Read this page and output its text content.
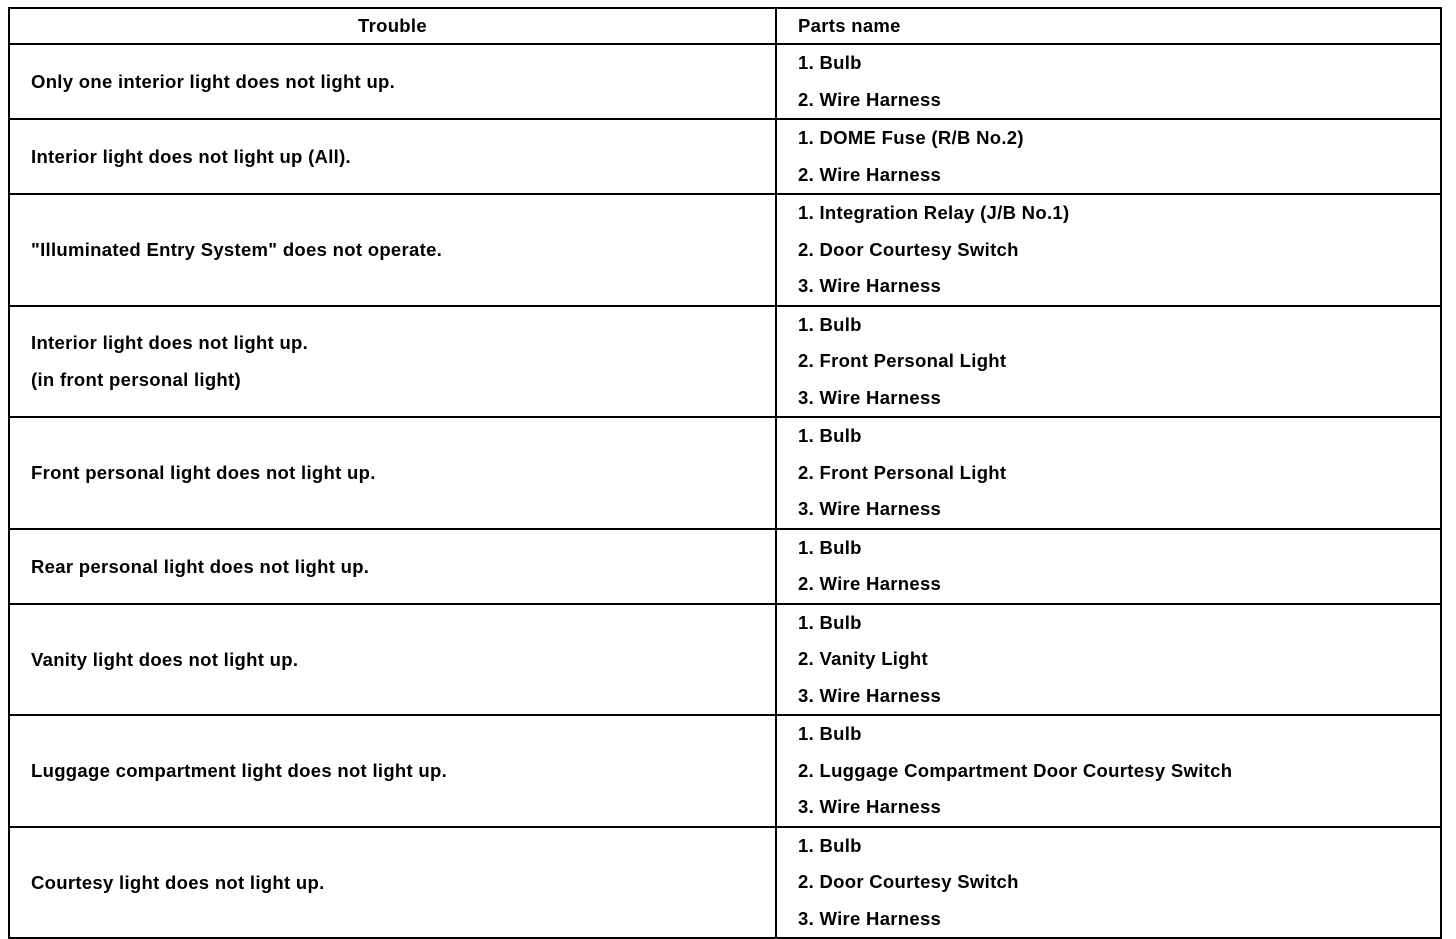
Trouble	Parts name

Only one interior light does not light up.	1. Bulb
2. Wire Harness

Interior light does not light up (All).	1. DOME Fuse (R/B No.2)
2. Wire Harness

"Illuminated Entry System" does not operate.	1. Integration Relay (J/B No.1)
2. Door Courtesy Switch
3. Wire Harness

Interior light does not light up.
(in front personal light)	1. Bulb
2. Front Personal Light
3. Wire Harness

Front personal light does not light up.	1. Bulb
2. Front Personal Light
3. Wire Harness

Rear personal light does not light up.	1. Bulb
2. Wire Harness

Vanity light does not light up.	1. Bulb
2. Vanity Light
3. Wire Harness

Luggage compartment light does not light up.	1. Bulb
2. Luggage Compartment Door Courtesy Switch
3. Wire Harness

Courtesy light does not light up.	1. Bulb
2. Door Courtesy Switch
3. Wire Harness
